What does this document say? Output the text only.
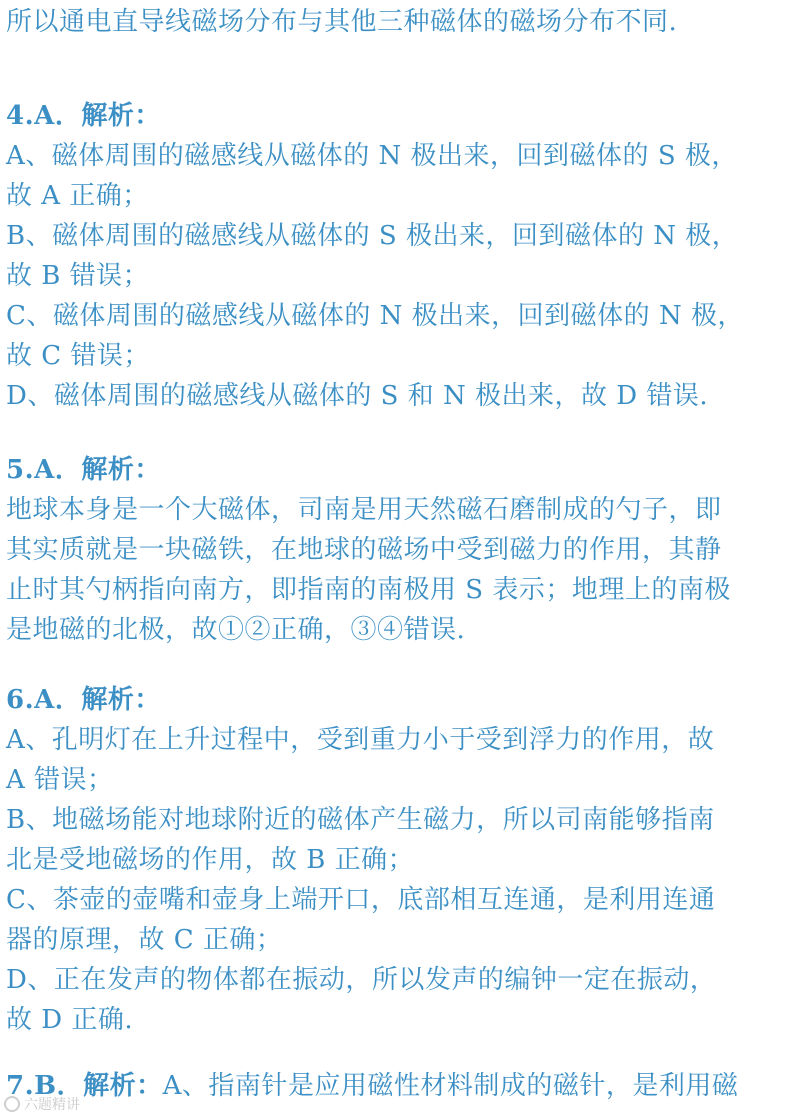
所以通电直导线磁场分布与其他三种磁体的磁场分布不同.
4.A．解析：
A、磁体周围的磁感线从磁体的 N 极出来，回到磁体的 S 极，
故 A 正确；
B、磁体周围的磁感线从磁体的 S 极出来，回到磁体的 N 极，
故 B 错误；
C、磁体周围的磁感线从磁体的 N 极出来，回到磁体的 N 极，
故 C 错误；
D、磁体周围的磁感线从磁体的 S 和 N 极出来，故 D 错误.
5.A．解析：
地球本身是一个大磁体，司南是用天然磁石磨制成的勺子，即
其实质就是一块磁铁，在地球的磁场中受到磁力的作用，其静
止时其勺柄指向南方，即指南的南极用 S 表示；地理上的南极
是地磁的北极，故①②正确，③④错误.
6.A．解析：
A、孔明灯在上升过程中，受到重力小于受到浮力的作用，故
A 错误；
B、地磁场能对地球附近的磁体产生磁力，所以司南能够指南
北是受地磁场的作用，故 B 正确；
C、茶壶的壶嘴和壶身上端开口，底部相互连通，是利用连通
器的原理，故 C 正确；
D、正在发声的物体都在振动，所以发声的编钟一定在振动，
故 D 正确.
7.B．解析：A、指南针是应用磁性材料制成的磁针，是利用磁
六题精讲
